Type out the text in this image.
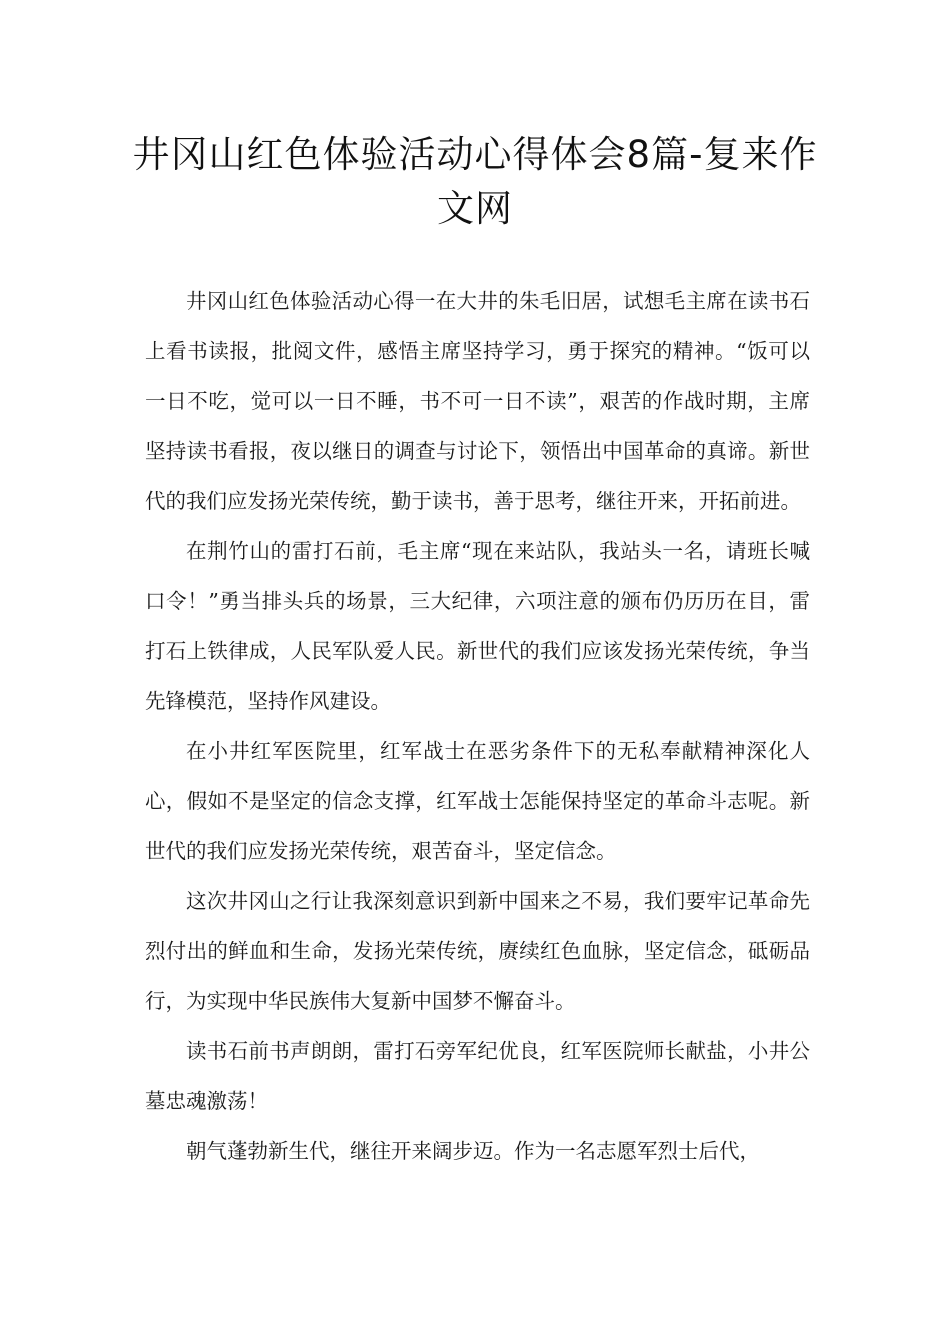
井冈山红色体验活动心得体会8篇-复来作文网

井冈山红色体验活动心得一在大井的朱毛旧居，试想毛主席在读书石上看书读报，批阅文件，感悟主席坚持学习，勇于探究的精神。“饭可以一日不吃，觉可以一日不睡，书不可一日不读”，艰苦的作战时期，主席坚持读书看报，夜以继日的调查与讨论下，领悟出中国革命的真谛。新世代的我们应发扬光荣传统，勤于读书，善于思考，继往开来，开拓前进。

在荆竹山的雷打石前，毛主席“现在来站队，我站头一名，请班长喊口令！”勇当排头兵的场景，三大纪律，六项注意的颁布仍历历在目，雷打石上铁律成，人民军队爱人民。新世代的我们应该发扬光荣传统，争当先锋模范，坚持作风建设。

在小井红军医院里，红军战士在恶劣条件下的无私奉献精神深化人心，假如不是坚定的信念支撑，红军战士怎能保持坚定的革命斗志呢。新世代的我们应发扬光荣传统，艰苦奋斗，坚定信念。

这次井冈山之行让我深刻意识到新中国来之不易，我们要牢记革命先烈付出的鲜血和生命，发扬光荣传统，赓续红色血脉，坚定信念，砥砺品行，为实现中华民族伟大复新中国梦不懈奋斗。

读书石前书声朗朗，雷打石旁军纪优良，红军医院师长献盐，小井公墓忠魂激荡！

朝气蓬勃新生代，继往开来阔步迈。作为一名志愿军烈士后代，
